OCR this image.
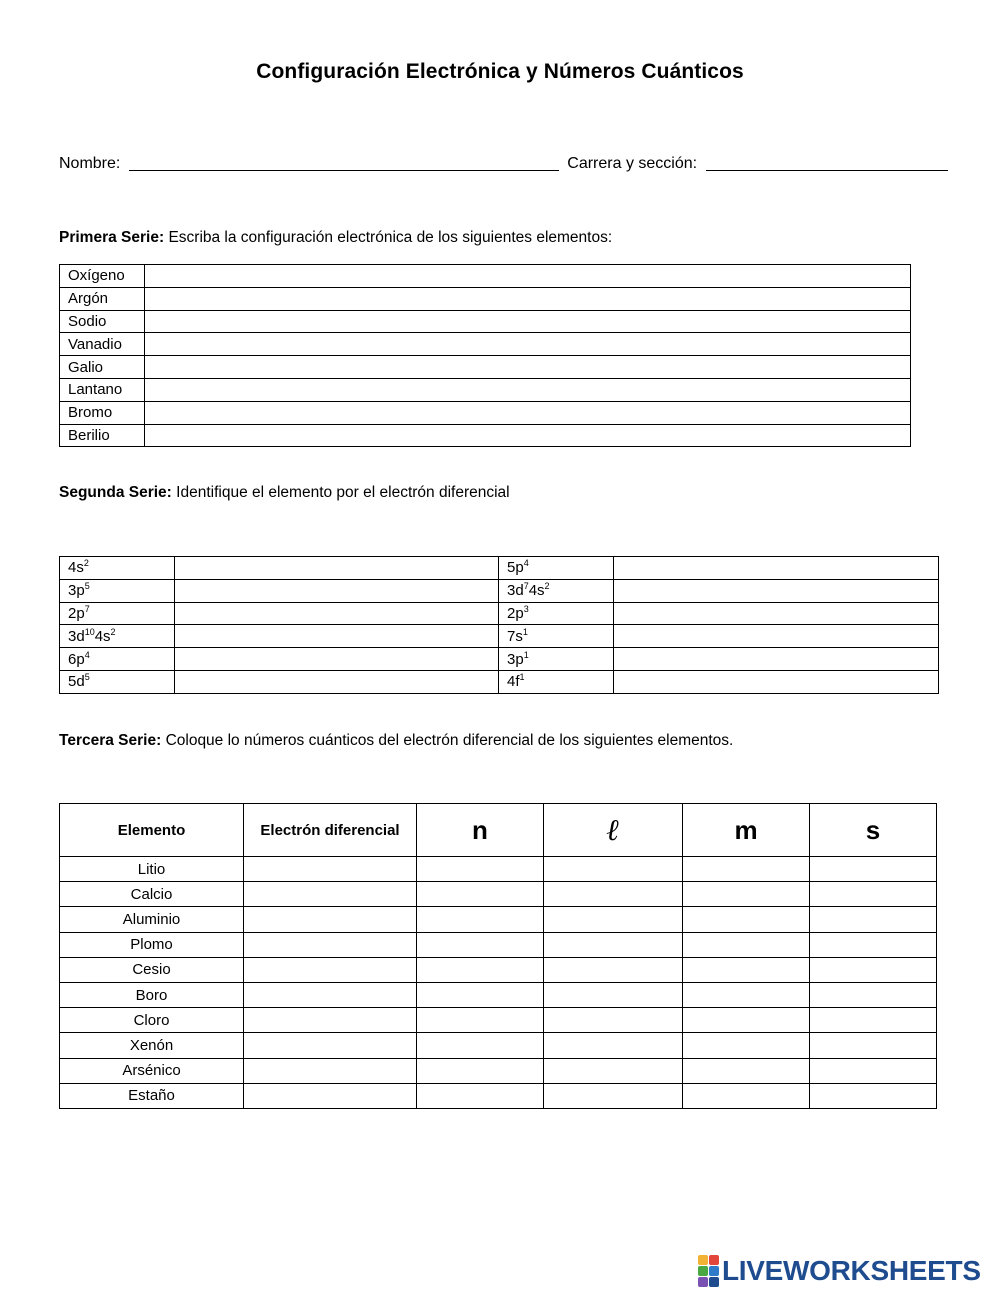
Configuración Electrónica y Números Cuánticos
Nombre:	Carrera y sección:
Primera Serie: Escriba la configuración electrónica de los siguientes elementos:
Oxígeno	
Argón	
Sodio	
Vanadio	
Galio	
Lantano	
Bromo	
Berilio	
Segunda Serie: Identifique el elemento por el electrón diferencial
$4s^2$		$5p^4$	
$3p^5$		$3d^74s^2$	
$2p^7$		$2p^3$	
$3d^{10}4s^2$		$7s^1$	
$6p^4$		$3p^1$	
$5d^5$		$4f^1$	
Tercera Serie: Coloque lo números cuánticos del electrón diferencial de los siguientes elementos.
Elemento	Electrón diferencial	n	ℓ	m	s
Litio					
Calcio					
Aluminio					
Plomo					
Cesio					
Boro					
Cloro					
Xenón					
Arsénico					
Estaño					
LIVEWORKSHEETS
